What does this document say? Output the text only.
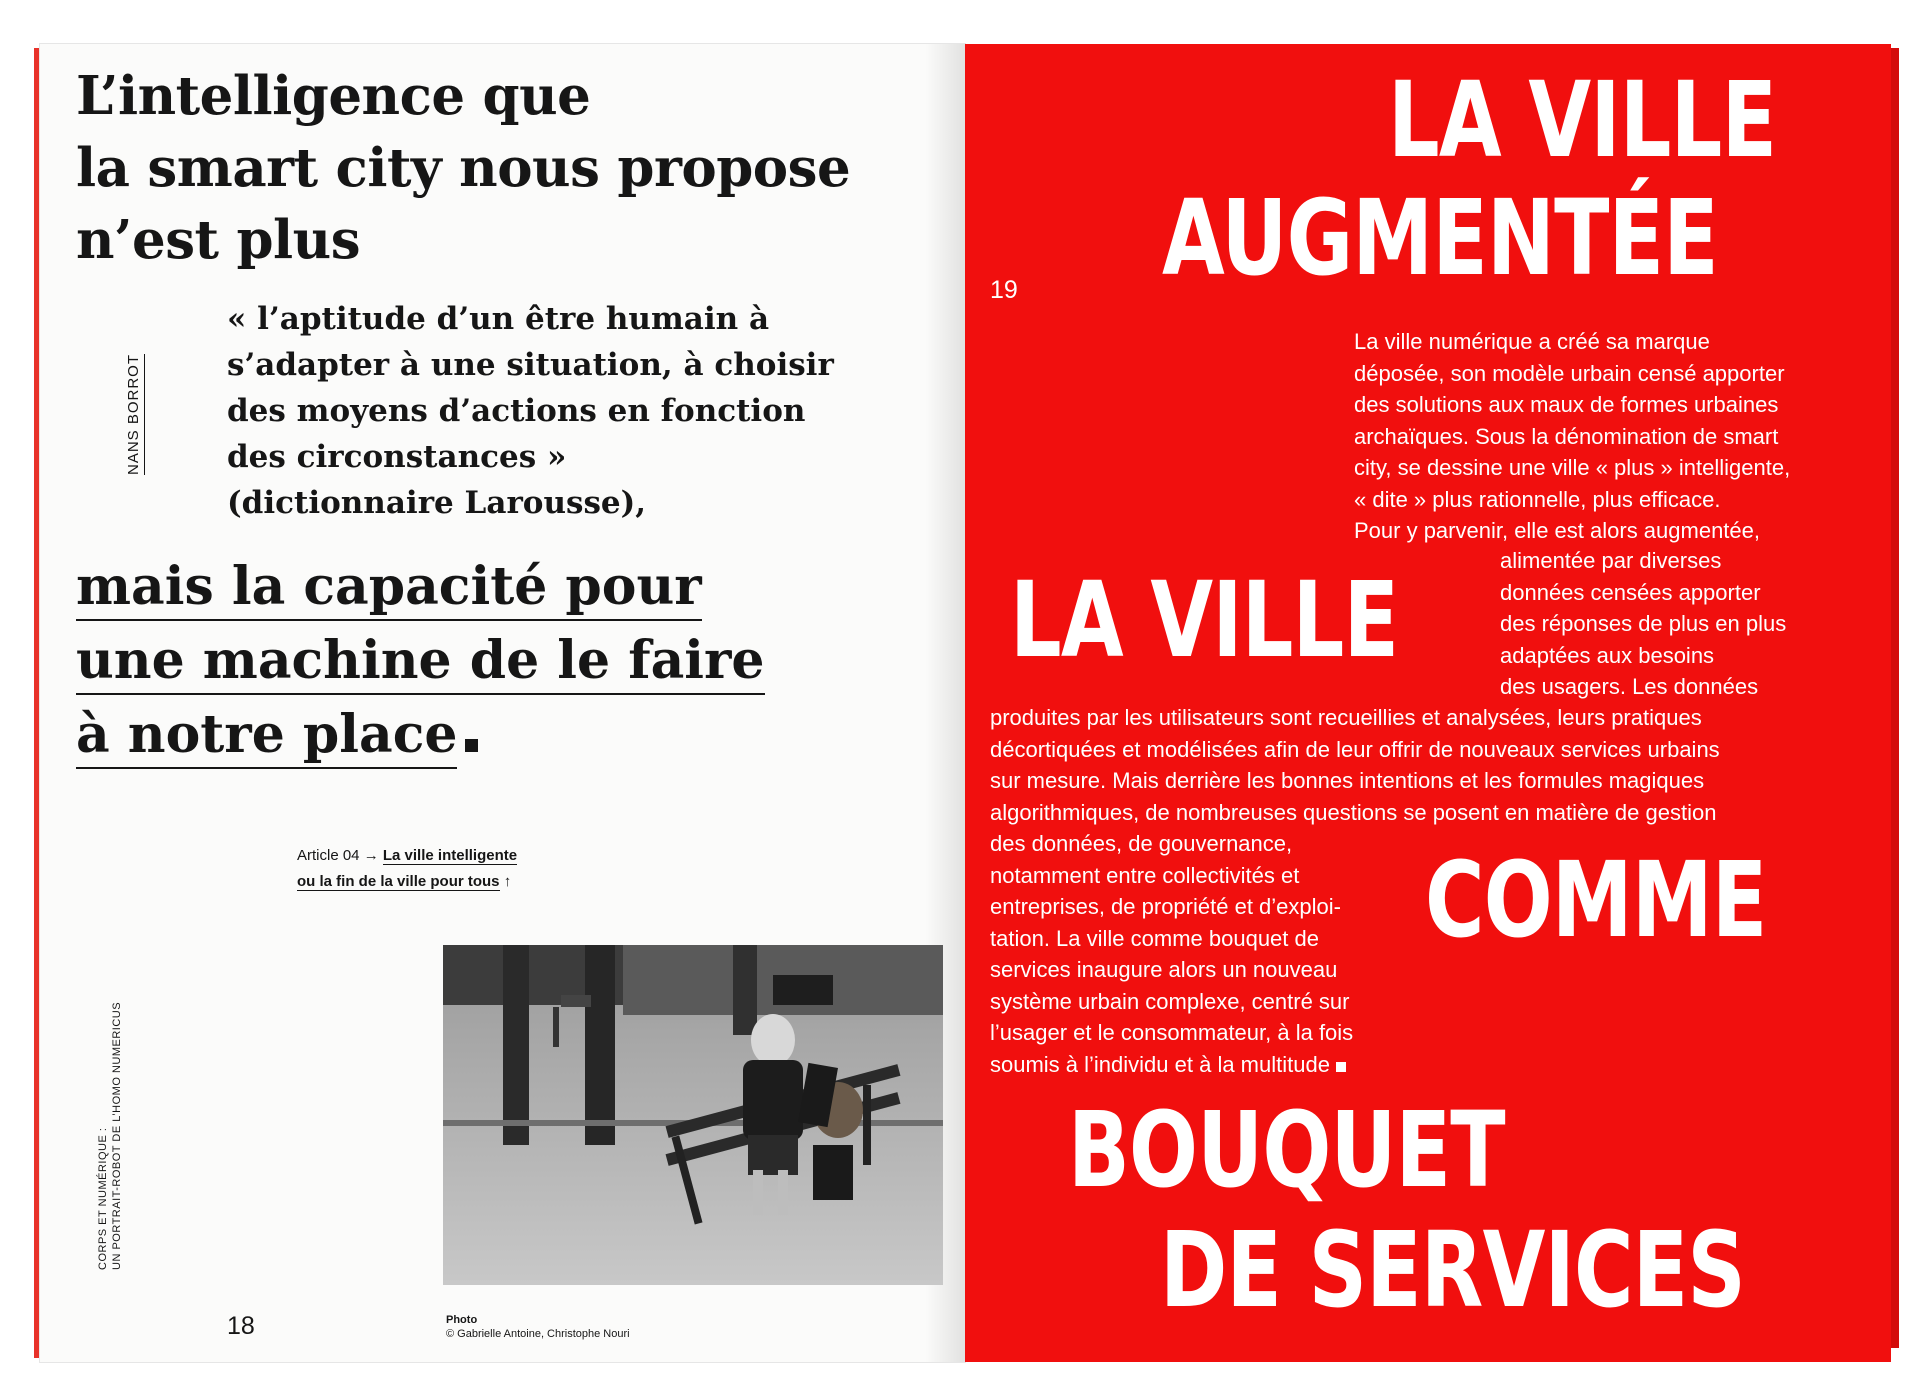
L’intelligence que
la smart city nous propose
n’est plus
NANS BORROT

« l’aptitude d’un être humain à
s’adapter à une situation, à choisir
des moyens d’actions en fonction
des circonstances »
(dictionnaire Larousse),

mais la capacité pour
une machine de le faire
à notre place

Article 04 → La ville intelligente
ou la fin de la ville pour tous ↑
Photo
© Gabrielle Antoine, Christophe Nouri
CORPS ET NUMÉRIQUE : UN PORTRAIT-ROBOT DE L’HOMO NUMERICUS
18
LA VILLE
AUGMENTÉE
19

La ville numérique a créé sa marque
déposée, son modèle urbain censé apporter
des solutions aux maux de formes urbaines
archaïques. Sous la dénomination de smart
city, se dessine une ville « plus » intelligente,
« dite » plus rationnelle, plus efficace.
Pour y parvenir, elle est alors augmentée,

LA VILLE	alimentée par diverses
données censées apporter
des réponses de plus en plus
adaptées aux besoins
des usagers. Les données

produites par les utilisateurs sont recueillies et analysées, leurs pratiques
décortiquées et modélisées afin de leur offrir de nouveaux services urbains
sur mesure. Mais derrière les bonnes intentions et les formules magiques
algorithmiques, de nombreuses questions se posent en matière de gestion

COMME

des données, de gouvernance,
notamment entre collectivités et
entreprises, de propriété et d’exploi-
tation. La ville comme bouquet de
services inaugure alors un nouveau
système urbain complexe, centré sur
l’usager et le consommateur, à la fois
soumis à l’individu et à la multitude

BOUQUET
DE SERVICES
